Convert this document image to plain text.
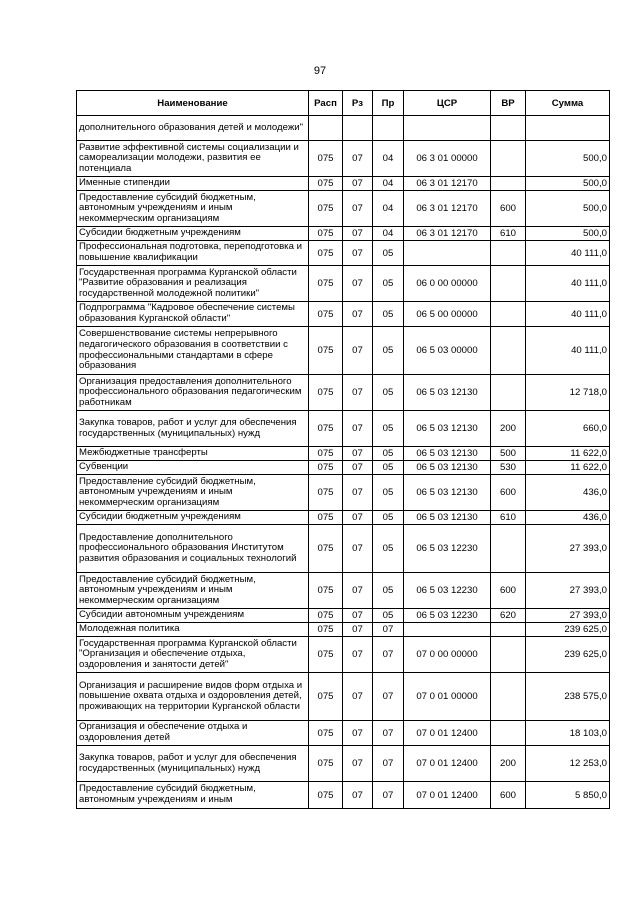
97
Наименование	Расп	Рз	Пр	ЦСР	ВР	Сумма
дополнительного образования детей и молодежи"						
Развитие эффективной системы социализации и самореализации молодежи, развития ее потенциала	075	07	04	06 3 01 00000		500,0
Именные стипендии	075	07	04	06 3 01 12170		500,0
Предоставление субсидий бюджетным, автономным учреждениям и иным некоммерческим организациям	075	07	04	06 3 01 12170	600	500,0
Субсидии бюджетным учреждениям	075	07	04	06 3 01 12170	610	500,0
Профессиональная подготовка, переподготовка и повышение квалификации	075	07	05			40 111,0
Государственная программа Курганской области "Развитие образования и реализация государственной молодежной политики"	075	07	05	06 0 00 00000		40 111,0
Подпрограмма "Кадровое обеспечение системы образования Курганской области"	075	07	05	06 5 00 00000		40 111,0
Совершенствование системы непрерывного педагогического образования в соответствии с профессиональными стандартами в сфере образования	075	07	05	06 5 03 00000		40 111,0
Организация предоставления дополнительного профессионального образования педагогическим работникам	075	07	05	06 5 03 12130		12 718,0
Закупка товаров, работ и услуг для обеспечения государственных (муниципальных) нужд	075	07	05	06 5 03 12130	200	660,0
Межбюджетные трансферты	075	07	05	06 5 03 12130	500	11 622,0
Субвенции	075	07	05	06 5 03 12130	530	11 622,0
Предоставление субсидий бюджетным, автономным учреждениям и иным некоммерческим организациям	075	07	05	06 5 03 12130	600	436,0
Субсидии бюджетным учреждениям	075	07	05	06 5 03 12130	610	436,0
Предоставление дополнительного профессионального образования Институтом развития образования и социальных технологий	075	07	05	06 5 03 12230		27 393,0
Предоставление субсидий бюджетным, автономным учреждениям и иным некоммерческим организациям	075	07	05	06 5 03 12230	600	27 393,0
Субсидии автономным учреждениям	075	07	05	06 5 03 12230	620	27 393,0
Молодежная политика	075	07	07			239 625,0
Государственная программа Курганской области "Организация и обеспечение отдыха, оздоровления и занятости детей"	075	07	07	07 0 00 00000		239 625,0
Организация и расширение видов форм отдыха и повышение охвата отдыха и оздоровления детей, проживающих на территории Курганской области	075	07	07	07 0 01 00000		238 575,0
Организация и обеспечение отдыха и оздоровления детей	075	07	07	07 0 01 12400		18 103,0
Закупка товаров, работ и услуг для обеспечения государственных (муниципальных) нужд	075	07	07	07 0 01 12400	200	12 253,0
Предоставление субсидий бюджетным, автономным учреждениям и иным	075	07	07	07 0 01 12400	600	5 850,0
